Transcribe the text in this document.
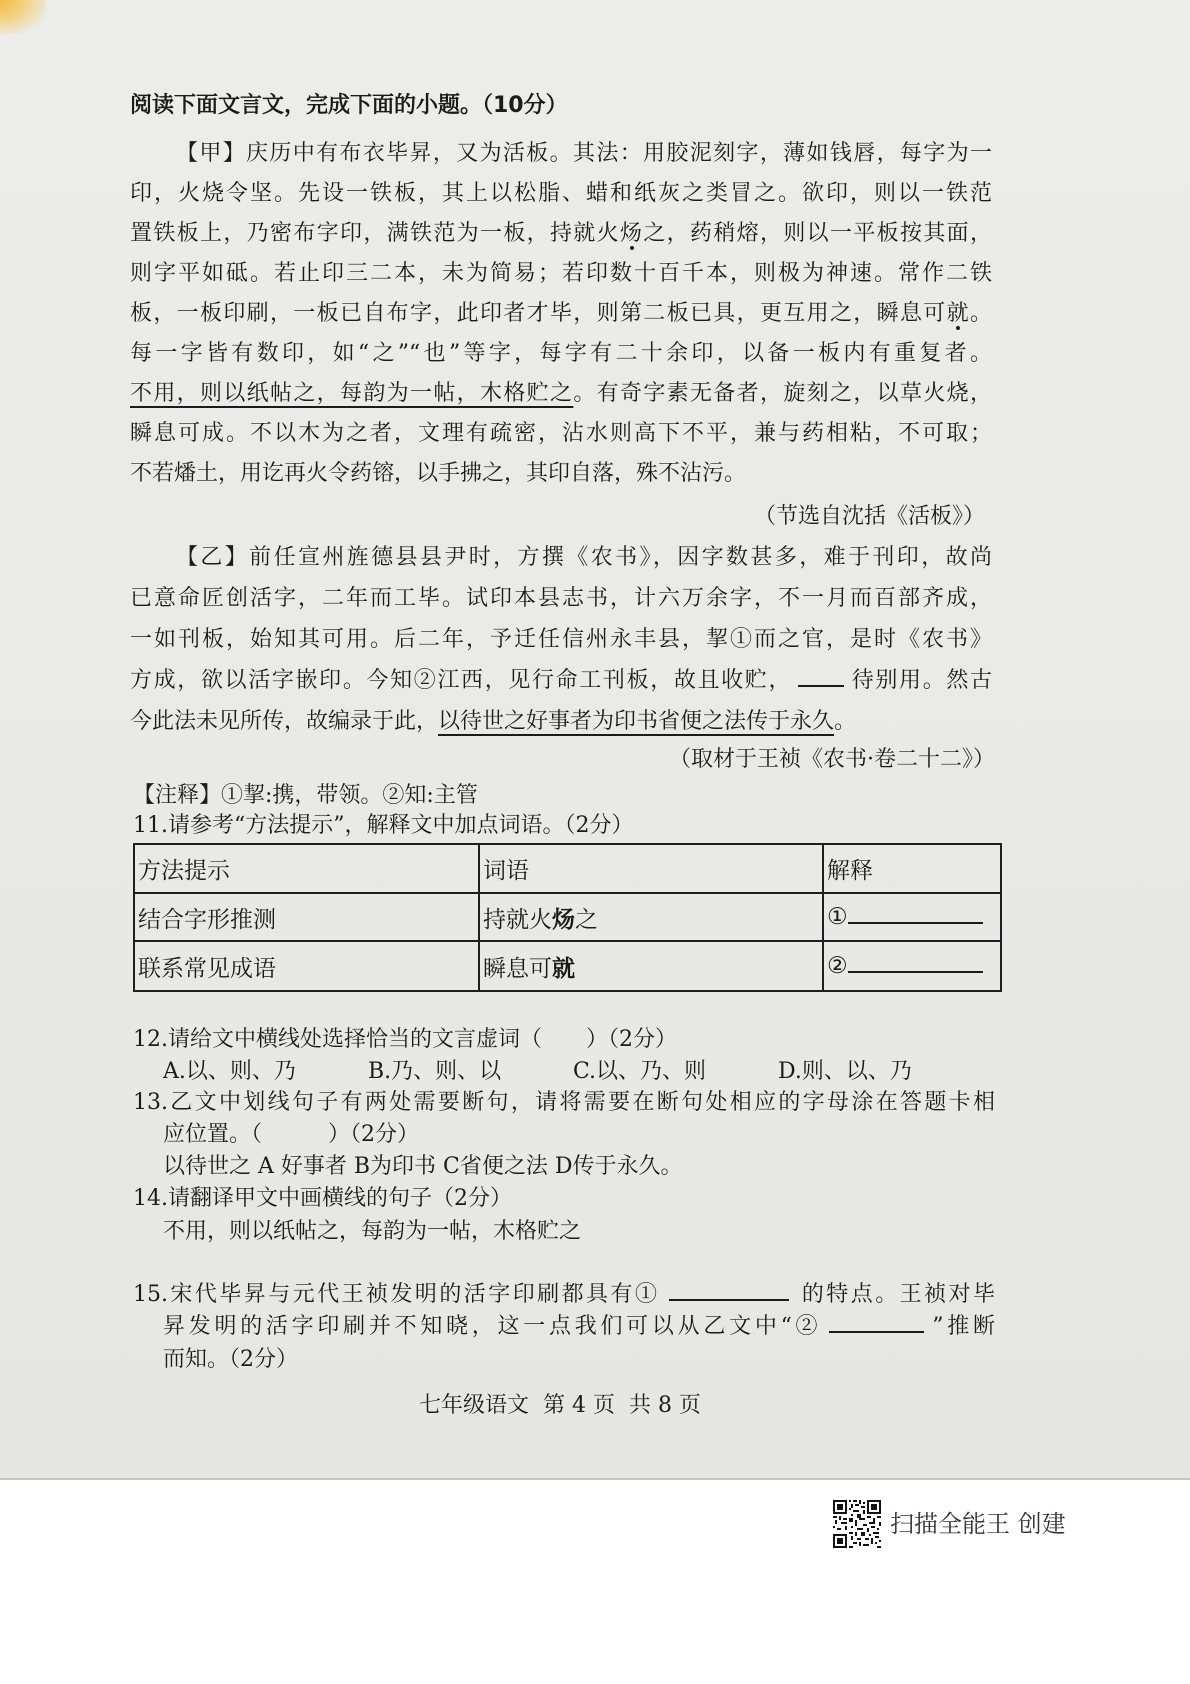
阅读下面文言文，完成下面的小题。（10分）
【甲】庆历中有布衣毕昇，又为活板。其法：用胶泥刻字，薄如钱唇，每字为一
印，火烧令坚。先设一铁板，其上以松脂、蜡和纸灰之类冒之。欲印，则以一铁范
置铁板上，乃密布字印，满铁范为一板，持就火炀之，药稍熔，则以一平板按其面，
则字平如砥。若止印三二本，未为简易；若印数十百千本，则极为神速。常作二铁
板，一板印刷，一板已自布字，此印者才毕，则第二板已具，更互用之，瞬息可就。
每一字皆有数印，如“之”“也”等字，每字有二十余印，以备一板内有重复者。
不用，则以纸帖之，每韵为一帖，木格贮之。有奇字素无备者，旋刻之，以草火烧，
瞬息可成。不以木为之者，文理有疏密，沾水则高下不平，兼与药相粘，不可取；
不若燔土，用讫再火令药镕，以手拂之，其印自落，殊不沾污。
（节选自沈括《活板》）
【乙】前任宣州旌德县县尹时，方撰《农书》，因字数甚多，难于刊印，故尚
已意命匠创活字，二年而工毕。试印本县志书，计六万余字，不一月而百部齐成，
一如刊板，始知其可用。后二年，予迁任信州永丰县，挈①而之官，是时《农书》
方成，欲以活字嵌印。今知②江西，见行命工刊板，故且收贮，	待别用。然古
今此法未见所传，故编录于此，以待世之好事者为印书省便之法传于永久。
（取材于王祯《农书·卷二十二》）
【注释】①挈:携，带领。②知:主管
11.请参考“方法提示”，解释文中加点词语。（2分）
方法提示	词语	解释
结合字形推测	持就火炀之	①
联系常见成语	瞬息可就	②
12.请给文中横线处选择恰当的文言虚词（　　）（2分）
A.以、则、乃	B.乃、则、以	C.以、乃、则	D.则、以、乃
13.乙文中划线句子有两处需要断句，请将需要在断句处相应的字母涂在答题卡相
应位置。（　　　）（2分）
以待世之 A 好事者 B为印书 C省便之法 D传于永久。
14.请翻译甲文中画横线的句子（2分）
不用，则以纸帖之，每韵为一帖，木格贮之
15.宋代毕昇与元代王祯发明的活字印刷都具有①	的特点。王祯对毕
昇发明的活字印刷并不知晓，这一点我们可以从乙文中“②	”推断
而知。（2分）
七年级语文  第 4 页  共 8 页
扫描全能王 创建
